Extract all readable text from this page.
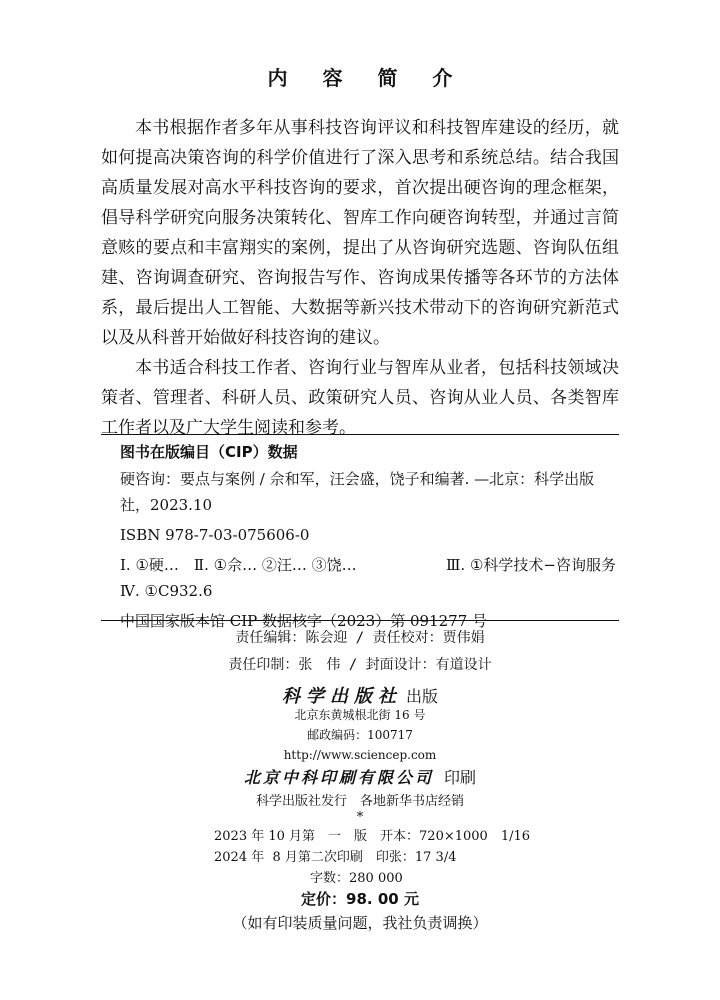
内 容 简 介

本书根据作者多年从事科技咨询评议和科技智库建设的经历，就如何提高决策咨询的科学价值进行了深入思考和系统总结。结合我国高质量发展对高水平科技咨询的要求，首次提出硬咨询的理念框架，倡导科学研究向服务决策转化、智库工作向硬咨询转型，并通过言简意赅的要点和丰富翔实的案例，提出了从咨询研究选题、咨询队伍组建、咨询调查研究、咨询报告写作、咨询成果传播等各环节的方法体系，最后提出人工智能、大数据等新兴技术带动下的咨询研究新范式以及从科普开始做好科技咨询的建议。

本书适合科技工作者、咨询行业与智库从业者，包括科技领域决策者、管理者、科研人员、政策研究人员、咨询从业人员、各类智库工作者以及广大学生阅读和参考。

图书在版编目（CIP）数据
硬咨询：要点与案例 / 佘和军，汪会盛，饶子和编著. —北京：科学出版社，2023.10
ISBN 978-7-03-075606-0
Ⅰ. ①硬…　Ⅱ. ①佘… ②汪… ③饶…	Ⅲ. ①科学技术−咨询服务
Ⅳ. ①C932.6
中国国家版本馆 CIP 数据核字（2023）第 091277 号
责任编辑：陈会迎 / 责任校对：贾伟娟
责任印制：张　伟 / 封面设计：有道设计
科学出版社 出版
北京东黄城根北街 16 号
邮政编码：100717
http://www.sciencep.com
北京中科印刷有限公司 印刷
科学出版社发行　各地新华书店经销
*
2023 年 10 月第　一　版　开本：720×1000　1/16
2024 年  8 月第二次印刷　印张：17 3/4
字数：280 000
定价：98. 00 元
（如有印装质量问题，我社负责调换）
